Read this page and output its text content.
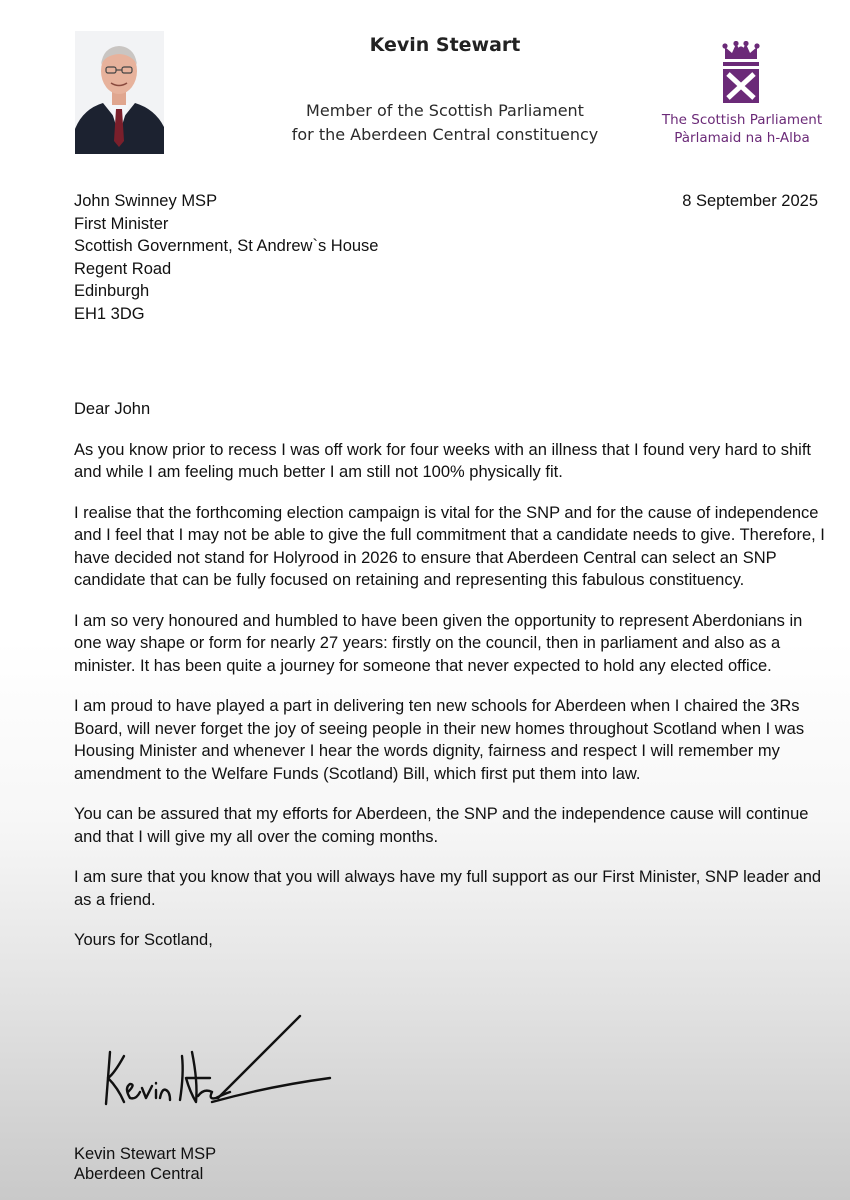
Kevin Stewart
Member of the Scottish Parliament
for the Aberdeen Central constituency
The Scottish Parliament
Pàrlamaid na h-Alba
John Swinney MSP
First Minister
Scottish Government, St Andrew`s House
Regent Road
Edinburgh
EH1 3DG
8 September 2025

Dear John

As you know prior to recess I was off work for four weeks with an illness that I found very hard to shift and while I am feeling much better I am still not 100% physically fit.

I realise that the forthcoming election campaign is vital for the SNP and for the cause of independence and I feel that I may not be able to give the full commitment that a candidate needs to give. Therefore, I have decided not stand for Holyrood in 2026 to ensure that Aberdeen Central can select an SNP candidate that can be fully focused on retaining and representing this fabulous constituency.

I am so very honoured and humbled to have been given the opportunity to represent Aberdonians in one way shape or form for nearly 27 years: firstly on the council, then in parliament and also as a minister. It has been quite a journey for someone that never expected to hold any elected office.

I am proud to have played a part in delivering ten new schools for Aberdeen when I chaired the 3Rs Board, will never forget the joy of seeing people in their new homes throughout Scotland when I was Housing Minister and whenever I hear the words dignity, fairness and respect I will remember my amendment to the Welfare Funds (Scotland) Bill, which first put them into law.

You can be assured that my efforts for Aberdeen, the SNP and the independence cause will continue and that I will give my all over the coming months.

I am sure that you know that you will always have my full support as our First Minister, SNP leader and as a friend.

Yours for Scotland,

Kevin Stewart MSP
Aberdeen Central
